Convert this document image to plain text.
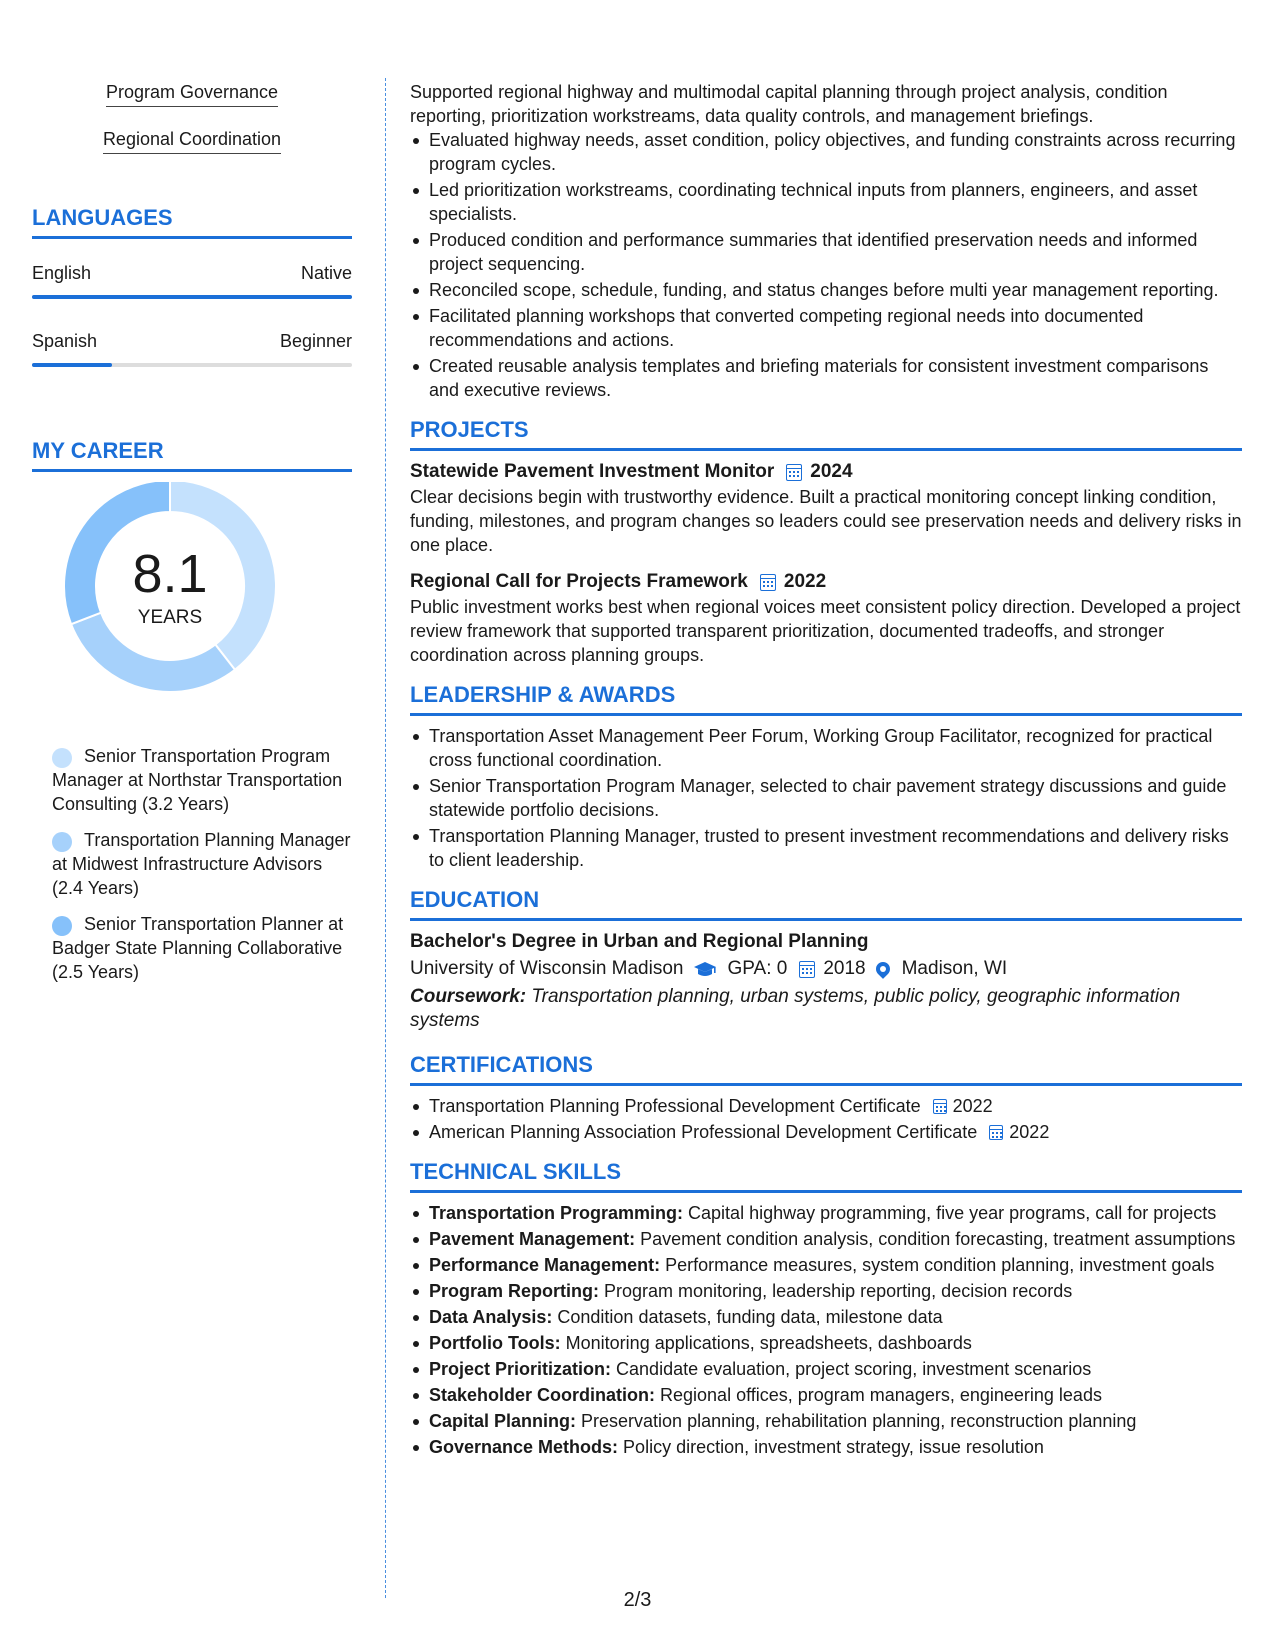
Program Governance
Regional Coordination
LANGUAGES
English	Native
Spanish	Beginner
MY CAREER
8.1
YEARS
Senior Transportation Program Manager at Northstar Transportation Consulting (3.2 Years)
Transportation Planning Manager at Midwest Infrastructure Advisors (2.4 Years)
Senior Transportation Planner at Badger State Planning Collaborative (2.5 Years)

Supported regional highway and multimodal capital planning through project analysis, condition reporting, prioritization workstreams, data quality controls, and management briefings.

Evaluated highway needs, asset condition, policy objectives, and funding constraints across recurring program cycles.
Led prioritization workstreams, coordinating technical inputs from planners, engineers, and asset specialists.
Produced condition and performance summaries that identified preservation needs and informed project sequencing.
Reconciled scope, schedule, funding, and status changes before multi year management reporting.
Facilitated planning workshops that converted competing regional needs into documented recommendations and actions.
Created reusable analysis templates and briefing materials for consistent investment comparisons and executive reviews.
PROJECTS
Statewide Pavement Investment Monitor 2024

Clear decisions begin with trustworthy evidence. Built a practical monitoring concept linking condition, funding, milestones, and program changes so leaders could see preservation needs and delivery risks in one place.

Regional Call for Projects Framework 2022

Public investment works best when regional voices meet consistent policy direction. Developed a project review framework that supported transparent prioritization, documented tradeoffs, and stronger coordination across planning groups.

LEADERSHIP & AWARDS
Transportation Asset Management Peer Forum, Working Group Facilitator, recognized for practical cross functional coordination.
Senior Transportation Program Manager, selected to chair pavement strategy discussions and guide statewide portfolio decisions.
Transportation Planning Manager, trusted to present investment recommendations and delivery risks to client leadership.
EDUCATION
Bachelor's Degree in Urban and Regional Planning
University of Wisconsin Madison GPA: 0 2018 Madison, WI

Coursework: Transportation planning, urban systems, public policy, geographic information systems

CERTIFICATIONS
Transportation Planning Professional Development Certificate 2022
American Planning Association Professional Development Certificate 2022
TECHNICAL SKILLS
Transportation Programming: Capital highway programming, five year programs, call for projects
Pavement Management: Pavement condition analysis, condition forecasting, treatment assumptions
Performance Management: Performance measures, system condition planning, investment goals
Program Reporting: Program monitoring, leadership reporting, decision records
Data Analysis: Condition datasets, funding data, milestone data
Portfolio Tools: Monitoring applications, spreadsheets, dashboards
Project Prioritization: Candidate evaluation, project scoring, investment scenarios
Stakeholder Coordination: Regional offices, program managers, engineering leads
Capital Planning: Preservation planning, rehabilitation planning, reconstruction planning
Governance Methods: Policy direction, investment strategy, issue resolution
2/3
